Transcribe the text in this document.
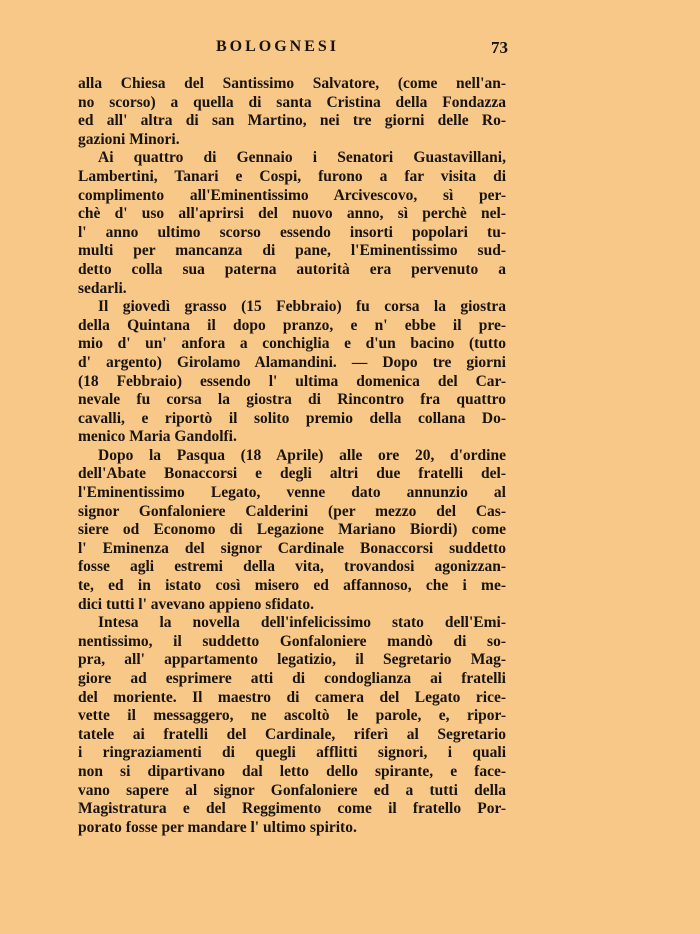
BOLOGNESI	73
alla Chiesa del Santissimo Salvatore, (come nell'an-
no scorso) a quella di santa Cristina della Fondazza
ed all' altra di san Martino, nei tre giorni delle Ro-
gazioni Minori.
Ai quattro di Gennaio i Senatori Guastavillani,
Lambertini, Tanari e Cospi, furono a far visita di
complimento all'Eminentissimo Arcivescovo, sì per-
chè d' uso all'aprirsi del nuovo anno, sì perchè nel-
l' anno ultimo scorso essendo insorti popolari tu-
multi per mancanza di pane, l'Eminentissimo sud-
detto colla sua paterna autorità era pervenuto a
sedarli.
Il giovedì grasso (15 Febbraio) fu corsa la giostra
della Quintana il dopo pranzo, e n' ebbe il pre-
mio d' un' anfora a conchiglia e d'un bacino (tutto
d' argento) Girolamo Alamandini. — Dopo tre giorni
(18 Febbraio) essendo l' ultima domenica del Car-
nevale fu corsa la giostra di Rincontro fra quattro
cavalli, e riportò il solito premio della collana Do-
menico Maria Gandolfi.
Dopo la Pasqua (18 Aprile) alle ore 20, d'ordine
dell'Abate Bonaccorsi e degli altri due fratelli del-
l'Eminentissimo Legato, venne dato annunzio al
signor Gonfaloniere Calderini (per mezzo del Cas-
siere od Economo di Legazione Mariano Biordi) come
l' Eminenza del signor Cardinale Bonaccorsi suddetto
fosse agli estremi della vita, trovandosi agonizzan-
te, ed in istato così misero ed affannoso, che i me-
dici tutti l' avevano appieno sfidato.
Intesa la novella dell'infelicissimo stato dell'Emi-
nentissimo, il suddetto Gonfaloniere mandò di so-
pra, all' appartamento legatizio, il Segretario Mag-
giore ad esprimere atti di condoglianza ai fratelli
del moriente. Il maestro di camera del Legato rice-
vette il messaggero, ne ascoltò le parole, e, ripor-
tatele ai fratelli del Cardinale, riferì al Segretario
i ringraziamenti di quegli afflitti signori, i quali
non si dipartivano dal letto dello spirante, e face-
vano sapere al signor Gonfaloniere ed a tutti della
Magistratura e del Reggimento come il fratello Por-
porato fosse per mandare l' ultimo spirito.
